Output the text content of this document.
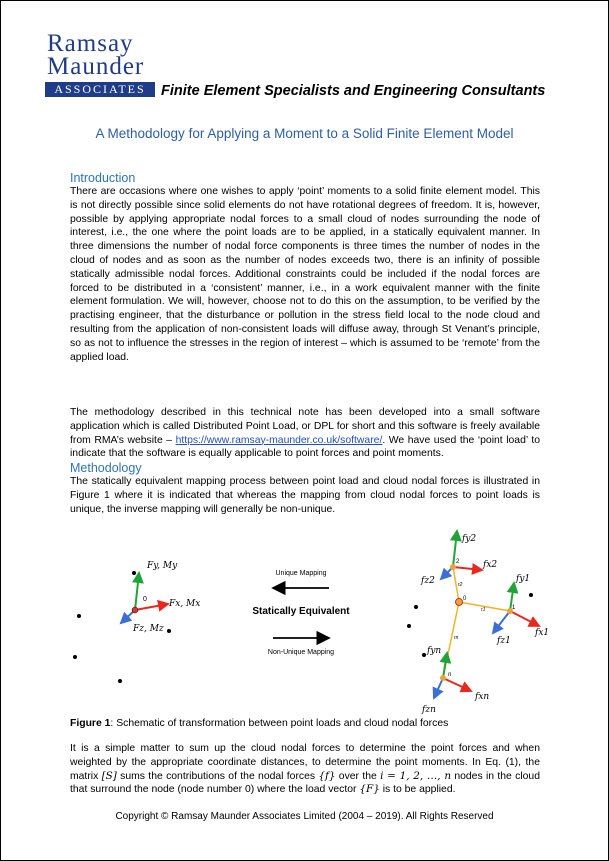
Ramsay
Maunder
ASSOCIATES	Finite Element Specialists and Engineering Consultants
A Methodology for Applying a Moment to a Solid Finite Element Model
Introduction
There are occasions where one wishes to apply ‘point’ moments to a solid finite element model. This is not directly possible since solid elements do not have rotational degrees of freedom. It is, however, possible by applying appropriate nodal forces to a small cloud of nodes surrounding the node of interest, i.e., the one where the point loads are to be applied, in a statically equivalent manner. In three dimensions the number of nodal force components is three times the number of nodes in the cloud of nodes and as soon as the number of nodes exceeds two, there is an infinity of possible statically admissible nodal forces. Additional constraints could be included if the nodal forces are forced to be distributed in a ‘consistent’ manner, i.e., in a work equivalent manner with the finite element formulation. We will, however, choose not to do this on the assumption, to be verified by the practising engineer, that the disturbance or pollution in the stress field local to the node cloud and resulting from the application of non-consistent loads will diffuse away, through St Venant’s principle, so as not to influence the stresses in the region of interest – which is assumed to be ‘remote’ from the applied load.
The methodology described in this technical note has been developed into a small software application which is called Distributed Point Load, or DPL for short and this software is freely available from RMA’s website – https://www.ramsay-maunder.co.uk/software/. We have used the ‘point load’ to indicate that the software is equally applicable to point forces and point moments.
Methodology
The statically equivalent mapping process between point load and cloud nodal forces is illustrated in Figure 1 where it is indicated that whereas the mapping from cloud nodal forces to point loads is unique, the inverse mapping will generally be non-unique.
0
Fy, My
Fx, Mx
Fz, Mz
Unique Mapping
Statically Equivalent
Non-Unique Mapping
0
1
2
n
r1
r2
rn
fy2
fx2
fz2	fy1
fx1
fz1
fyn
fxn
fzn
Figure 1: Schematic of transformation between point loads and cloud nodal forces
It is a simple matter to sum up the cloud nodal forces to determine the point forces and when weighted by the appropriate coordinate distances, to determine the point moments. In Eq. (1), the matrix [S] sums the contributions of the nodal forces {f} over the i = 1, 2, …, n nodes in the cloud that surround the node (node number 0) where the load vector {F} is to be applied.
Copyright © Ramsay Maunder Associates Limited (2004 – 2019). All Rights Reserved
